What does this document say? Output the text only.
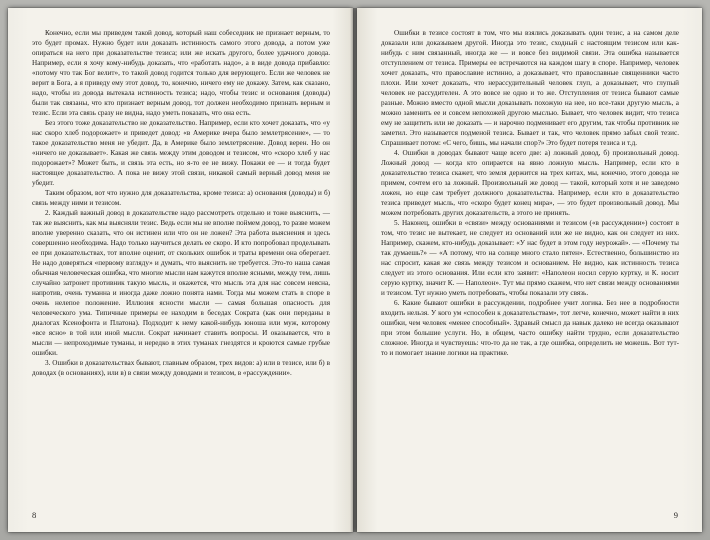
Конечно, если мы приведем такой довод, который наш собеседник не признает верным, то это будет промах. Нужно будет или доказать истинность самого этого довода, а потом уже опираться на него при доказательстве тезиса; или же искать другого, более удачного довода. Например, если я хочу кому-нибудь доказать, что «работать надо», а в виде довода прибавлю: «потому что так Бог велит», то такой довод годится только для верующего. Если же человек не верит в Бога, а я приведу ему этот довод, то, конечно, ничего ему не докажу. Затем, как сказано, надо, чтобы из довода вытекала истинность тезиса; надо, чтобы тезис и основания (доводы) были так связаны, что кто признает верным довод, тот должен необходимо признать верным и тезис. Если эта связь сразу не видна, надо уметь показать, что она есть.

Без этого тоже доказательство не доказательство. Например, если кто хочет доказать, что «у нас скоро хлеб подорожает» и приведет довод: «в Америке вчера было землетрясение», — то такое доказательство меня не убедит. Да, в Америке было землетрясение. Довод верен. Но он «ничего не доказывает». Какая же связь между этим доводом и тезисом, что «скоро хлеб у нас подорожает»? Может быть, и связь эта есть, но я-то ее не вижу. Покажи ее — и тогда будет настоящее доказательство. А пока не вижу этой связи, никакой самый верный довод меня не убедит.

Таким образом, вот что нужно для доказательства, кроме тезиса: а) основания (доводы) и б) связь между ними и тезисом.

2. Каждый важный довод в доказательстве надо рассмотреть отдельно и тоже выяснить, — так же выяснить, как мы выясняли тезис. Ведь если мы не вполне поймем довод, то разве можем вполне уверенно сказать, что он истинен или что он не ложен? Эта работа выяснения и здесь совершенно необходима. Надо только научиться делать ее скоро. И кто попробовал проделывать ее при доказательствах, тот вполне оценит, от скольких ошибок и траты времени она оберегает. Не надо доверяться «первому взгляду» и думать, что выяснить не требуется. Это-то наша самая обычная человеческая ошибка, что многие мысли нам кажутся вполне ясными, между тем, лишь случайно затронет противник такую мысль, и окажется, что мысль эта для нас совсем неясна, напротив, очень туманна и иногда даже ложно понята нами. Тогда мы можем стать в споре в очень нелепое положение. Иллюзия ясности мысли — самая большая опасность для человеческого ума. Типичные примеры ее находим в беседах Сократа (как они переданы в диалогах Ксенофонта и Платона). Подходит к нему какой-нибудь юноша или муж, которому «все ясно» в той или иной мысли. Сократ начинает ставить вопросы. И оказывается, что в мысли — непроходимые туманы, и нередко в этих туманах гнездятся и кроются самые грубые ошибки.

3. Ошибки в доказательствах бывают, главным образом, трех видов: а) или в тезисе, или б) в доводах (в основаниях), или в) в связи между доводами и тезисом, в «рассуждении».

8

Ошибки в тезисе состоят в том, что мы взялись доказывать один тезис, а на самом деле доказали или доказываем другой. Иногда это тезис, сходный с настоящим тезисом или как-нибудь с ним связанный, иногда же — и вовсе без видимой связи. Эта ошибка называется отступлением от тезиса. Примеры ее встречаются на каждом шагу в споре. Например, человек хочет доказать, что православие истинно, а доказывает, что православные священники часто плохи. Или хочет доказать, что нерассудительный человек глуп, а доказывает, что глупый человек не рассудителен. А это вовсе не одно и то же. Отступления от тезиса бывают самые разные. Можно вместо одной мысли доказывать похожую на нее, но все-таки другую мысль, а можно заменить ее и совсем непохожей другою мыслью. Бывает, что человек видит, что тезиса ему не защитить или не доказать — и нарочно подменивает его другим, так чтобы противник не заметил. Это называется подменой тезиса. Бывает и так, что человек прямо забыл свой тезис. Спрашивает потом: «С чего, бишь, мы начали спор?» Это будет потеря тезиса и т.д.

4. Ошибки в доводах бывают чаще всего две: а) ложный довод, б) произвольный довод. Ложный довод — когда кто опирается на явно ложную мысль. Например, если кто в доказательство тезиса скажет, что земля держится на трех китах, мы, конечно, этого довода не примем, сочтем его за ложный. Произвольный же довод — такой, который хотя и не заведомо ложен, но еще сам требует должного доказательства. Например, если кто в доказательство тезиса приведет мысль, что «скоро будет конец мира», — это будет произвольный довод. Мы можем потребовать других доказательств, а этого не принять.

5. Наконец, ошибки в «связи» между основаниями и тезисом («в рассуждении») состоят в том, что тезис не вытекает, не следует из оснований или же не видно, как он следует из них. Например, скажем, кто-нибудь доказывает: «У нас будет в этом году неурожай». — «Почему ты так думаешь?» — «А потому, что на солнце много стало пятен». Естественно, большинство из нас спросит, какая же связь между тезисом и основанием. Не видно, как истинность тезиса следует из этого основания. Или если кто заявит: «Наполеон носил серую куртку, и К. носит серую куртку, значит К. — Наполеон». Тут мы прямо скажем, что нет связи между основаниями и тезисом. Тут нужно уметь потребовать, чтобы показали эту связь.

6. Какие бывают ошибки в рассуждении, подробнее учит логика. Без нее в подробности входить нельзя. У кого ум «способен к доказательствам», тот легче, конечно, может найти в них ошибки, чем человек «менее способный». Здравый смысл да навык далеко не всегда оказывают при этом большие услуги. Но, в общем, часто ошибку найти трудно, если доказательство сложное. Иногда и чувствуешь: что-то да не так, а где ошибка, определить не можешь. Вот тут-то и помогает знание логики на практике.

9
